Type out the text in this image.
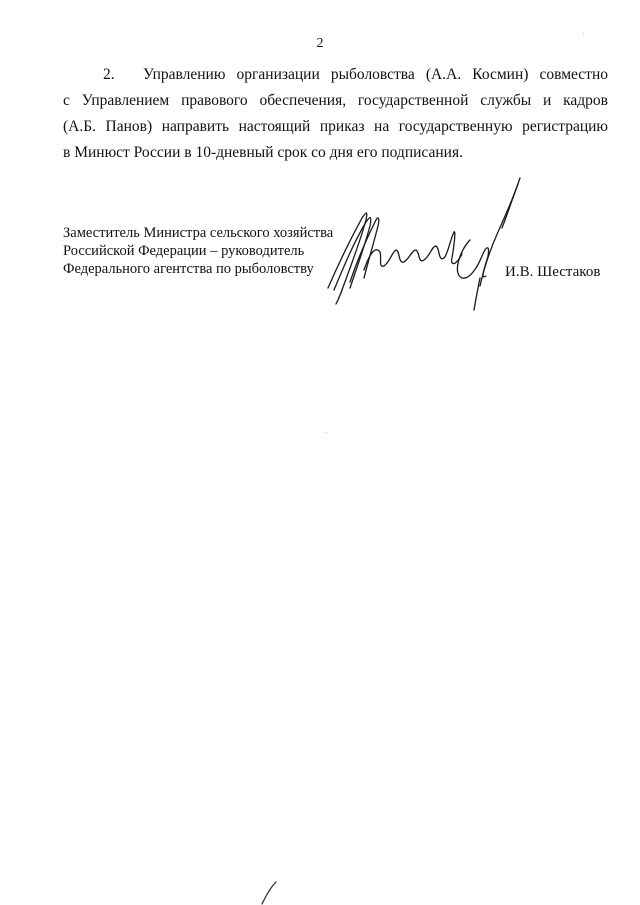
2
2. Управлению организации рыболовства (А.А. Космин) совместно
с Управлением правового обеспечения, государственной службы и кадров
(А.Б. Панов) направить настоящий приказ на государственную регистрацию
в Минюст России в 10-дневный срок со дня его подписания.
Заместитель Министра сельского хозяйства
Российской Федерации – руководитель
Федерального агентства по рыболовству	И.В. Шестаков
